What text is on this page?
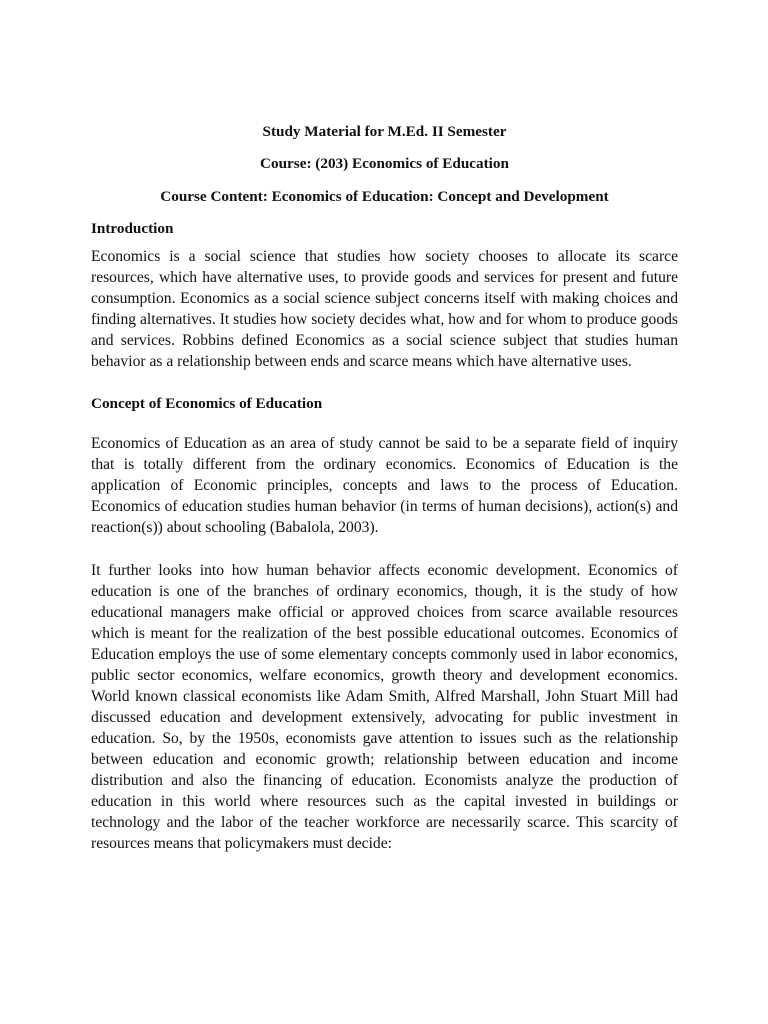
Study Material for M.Ed. II Semester

Course: (203) Economics of Education

Course Content: Economics of Education: Concept and Development

Introduction

Economics is a social science that studies how society chooses to allocate its scarce resources, which have alternative uses, to provide goods and services for present and future consumption. Economics as a social science subject concerns itself with making choices and finding alternatives. It studies how society decides what, how and for whom to produce goods and services. Robbins defined Economics as a social science subject that studies human behavior as a relationship between ends and scarce means which have alternative uses.

Concept of Economics of Education

Economics of Education as an area of study cannot be said to be a separate field of inquiry that is totally different from the ordinary economics. Economics of Education is the application of Economic principles, concepts and laws to the process of Education. Economics of education studies human behavior (in terms of human decisions), action(s) and reaction(s)) about schooling (Babalola, 2003).

It further looks into how human behavior affects economic development. Economics of education is one of the branches of ordinary economics, though, it is the study of how educational managers make official or approved choices from scarce available resources which is meant for the realization of the best possible educational outcomes. Economics of Education employs the use of some elementary concepts commonly used in labor economics, public sector economics, welfare economics, growth theory and development economics. World known classical economists like Adam Smith, Alfred Marshall, John Stuart Mill had discussed education and development extensively, advocating for public investment in education. So, by the 1950s, economists gave attention to issues such as the relationship between education and economic growth; relationship between education and income distribution and also the financing of education. Economists analyze the production of education in this world where resources such as the capital invested in buildings or technology and the labor of the teacher workforce are necessarily scarce. This scarcity of resources means that policymakers must decide:
